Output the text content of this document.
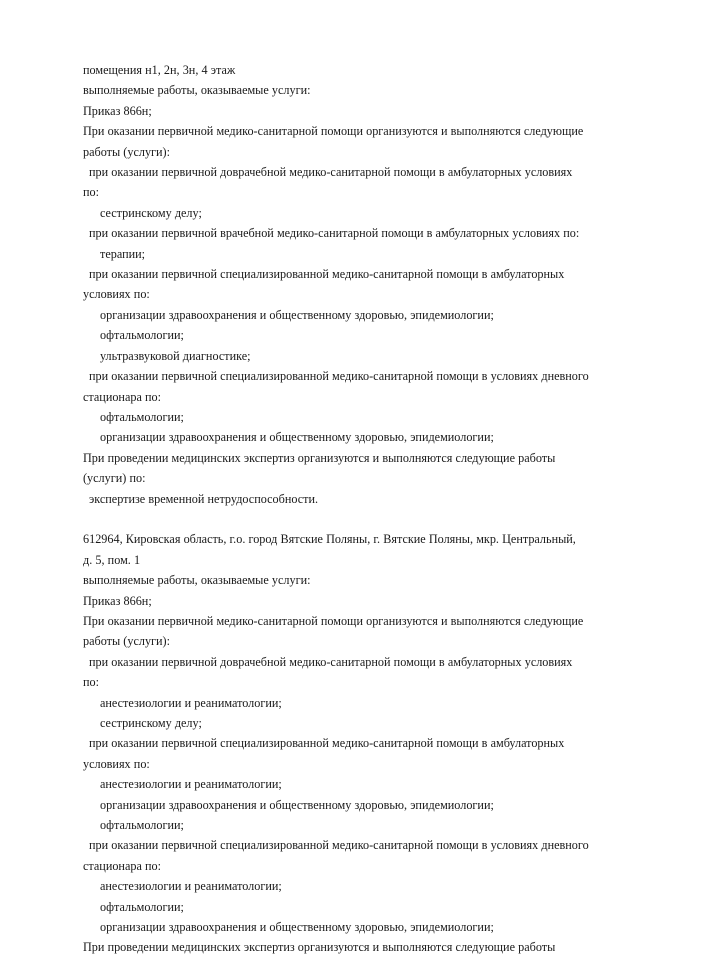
помещения н1, 2н, 3н, 4 этаж
выполняемые работы, оказываемые услуги:
Приказ 866н;
При оказании первичной медико-санитарной помощи организуются и выполняются следующие
работы (услуги):
при оказании первичной доврачебной медико-санитарной помощи в амбулаторных условиях
по:
сестринскому делу;
при оказании первичной врачебной медико-санитарной помощи в амбулаторных условиях по:
терапии;
при оказании первичной специализированной медико-санитарной помощи в амбулаторных
условиях по:
организации здравоохранения и общественному здоровью, эпидемиологии;
офтальмологии;
ультразвуковой диагностике;
при оказании первичной специализированной медико-санитарной помощи в условиях дневного
стационара по:
офтальмологии;
организации здравоохранения и общественному здоровью, эпидемиологии;
При проведении медицинских экспертиз организуются и выполняются следующие работы
(услуги) по:
экспертизе временной нетрудоспособности.
612964, Кировская область, г.о. город Вятские Поляны, г. Вятские Поляны, мкр. Центральный,
д. 5, пом. 1
выполняемые работы, оказываемые услуги:
Приказ 866н;
При оказании первичной медико-санитарной помощи организуются и выполняются следующие
работы (услуги):
при оказании первичной доврачебной медико-санитарной помощи в амбулаторных условиях
по:
анестезиологии и реаниматологии;
сестринскому делу;
при оказании первичной специализированной медико-санитарной помощи в амбулаторных
условиях по:
анестезиологии и реаниматологии;
организации здравоохранения и общественному здоровью, эпидемиологии;
офтальмологии;
при оказании первичной специализированной медико-санитарной помощи в условиях дневного
стационара по:
анестезиологии и реаниматологии;
офтальмологии;
организации здравоохранения и общественному здоровью, эпидемиологии;
При проведении медицинских экспертиз организуются и выполняются следующие работы
